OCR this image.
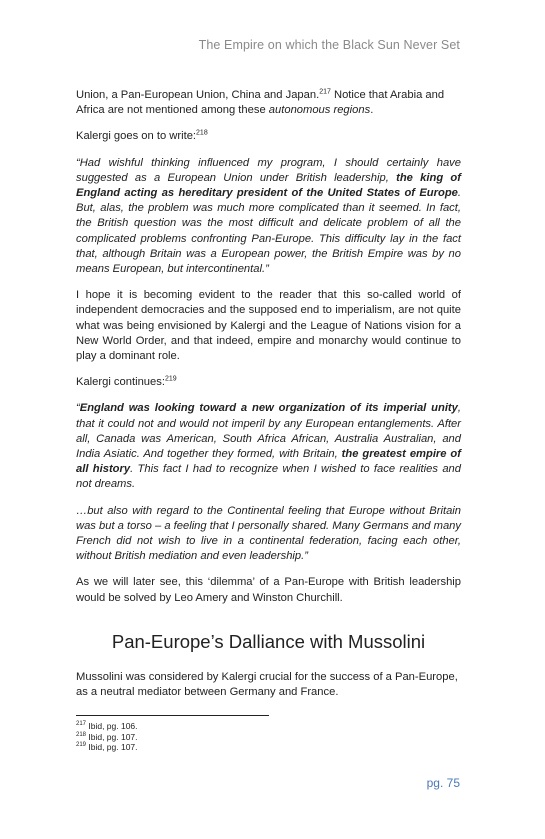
The Empire on which the Black Sun Never Set

Union, a Pan-European Union, China and Japan.$^{217}$ Notice that Arabia and Africa are not mentioned among these autonomous regions.

Kalergi goes on to write:$^{218}$

“Had wishful thinking influenced my program, I should certainly have suggested as a European Union under British leadership, the king of England acting as hereditary president of the United States of Europe. But, alas, the problem was much more complicated than it seemed. In fact, the British question was the most difficult and delicate problem of all the complicated problems confronting Pan-Europe. This difficulty lay in the fact that, although Britain was a European power, the British Empire was by no means European, but intercontinental.”

I hope it is becoming evident to the reader that this so-called world of independent democracies and the supposed end to imperialism, are not quite what was being envisioned by Kalergi and the League of Nations vision for a New World Order, and that indeed, empire and monarchy would continue to play a dominant role.

Kalergi continues:$^{219}$

“England was looking toward a new organization of its imperial unity, that it could not and would not imperil by any European entanglements. After all, Canada was American, South Africa African, Australia Australian, and India Asiatic. And together they formed, with Britain, the greatest empire of all history. This fact I had to recognize when I wished to face realities and not dreams.

…but also with regard to the Continental feeling that Europe without Britain was but a torso – a feeling that I personally shared. Many Germans and many French did not wish to live in a continental federation, facing each other, without British mediation and even leadership.”

As we will later see, this ‘dilemma’ of a Pan-Europe with British leadership would be solved by Leo Amery and Winston Churchill.

Pan-Europe’s Dalliance with Mussolini

Mussolini was considered by Kalergi crucial for the success of a Pan-Europe, as a neutral mediator between Germany and France.

$^{217}$ Ibid, pg. 106.
$^{218}$ Ibid, pg. 107.
$^{219}$ Ibid, pg. 107.
pg. 75
